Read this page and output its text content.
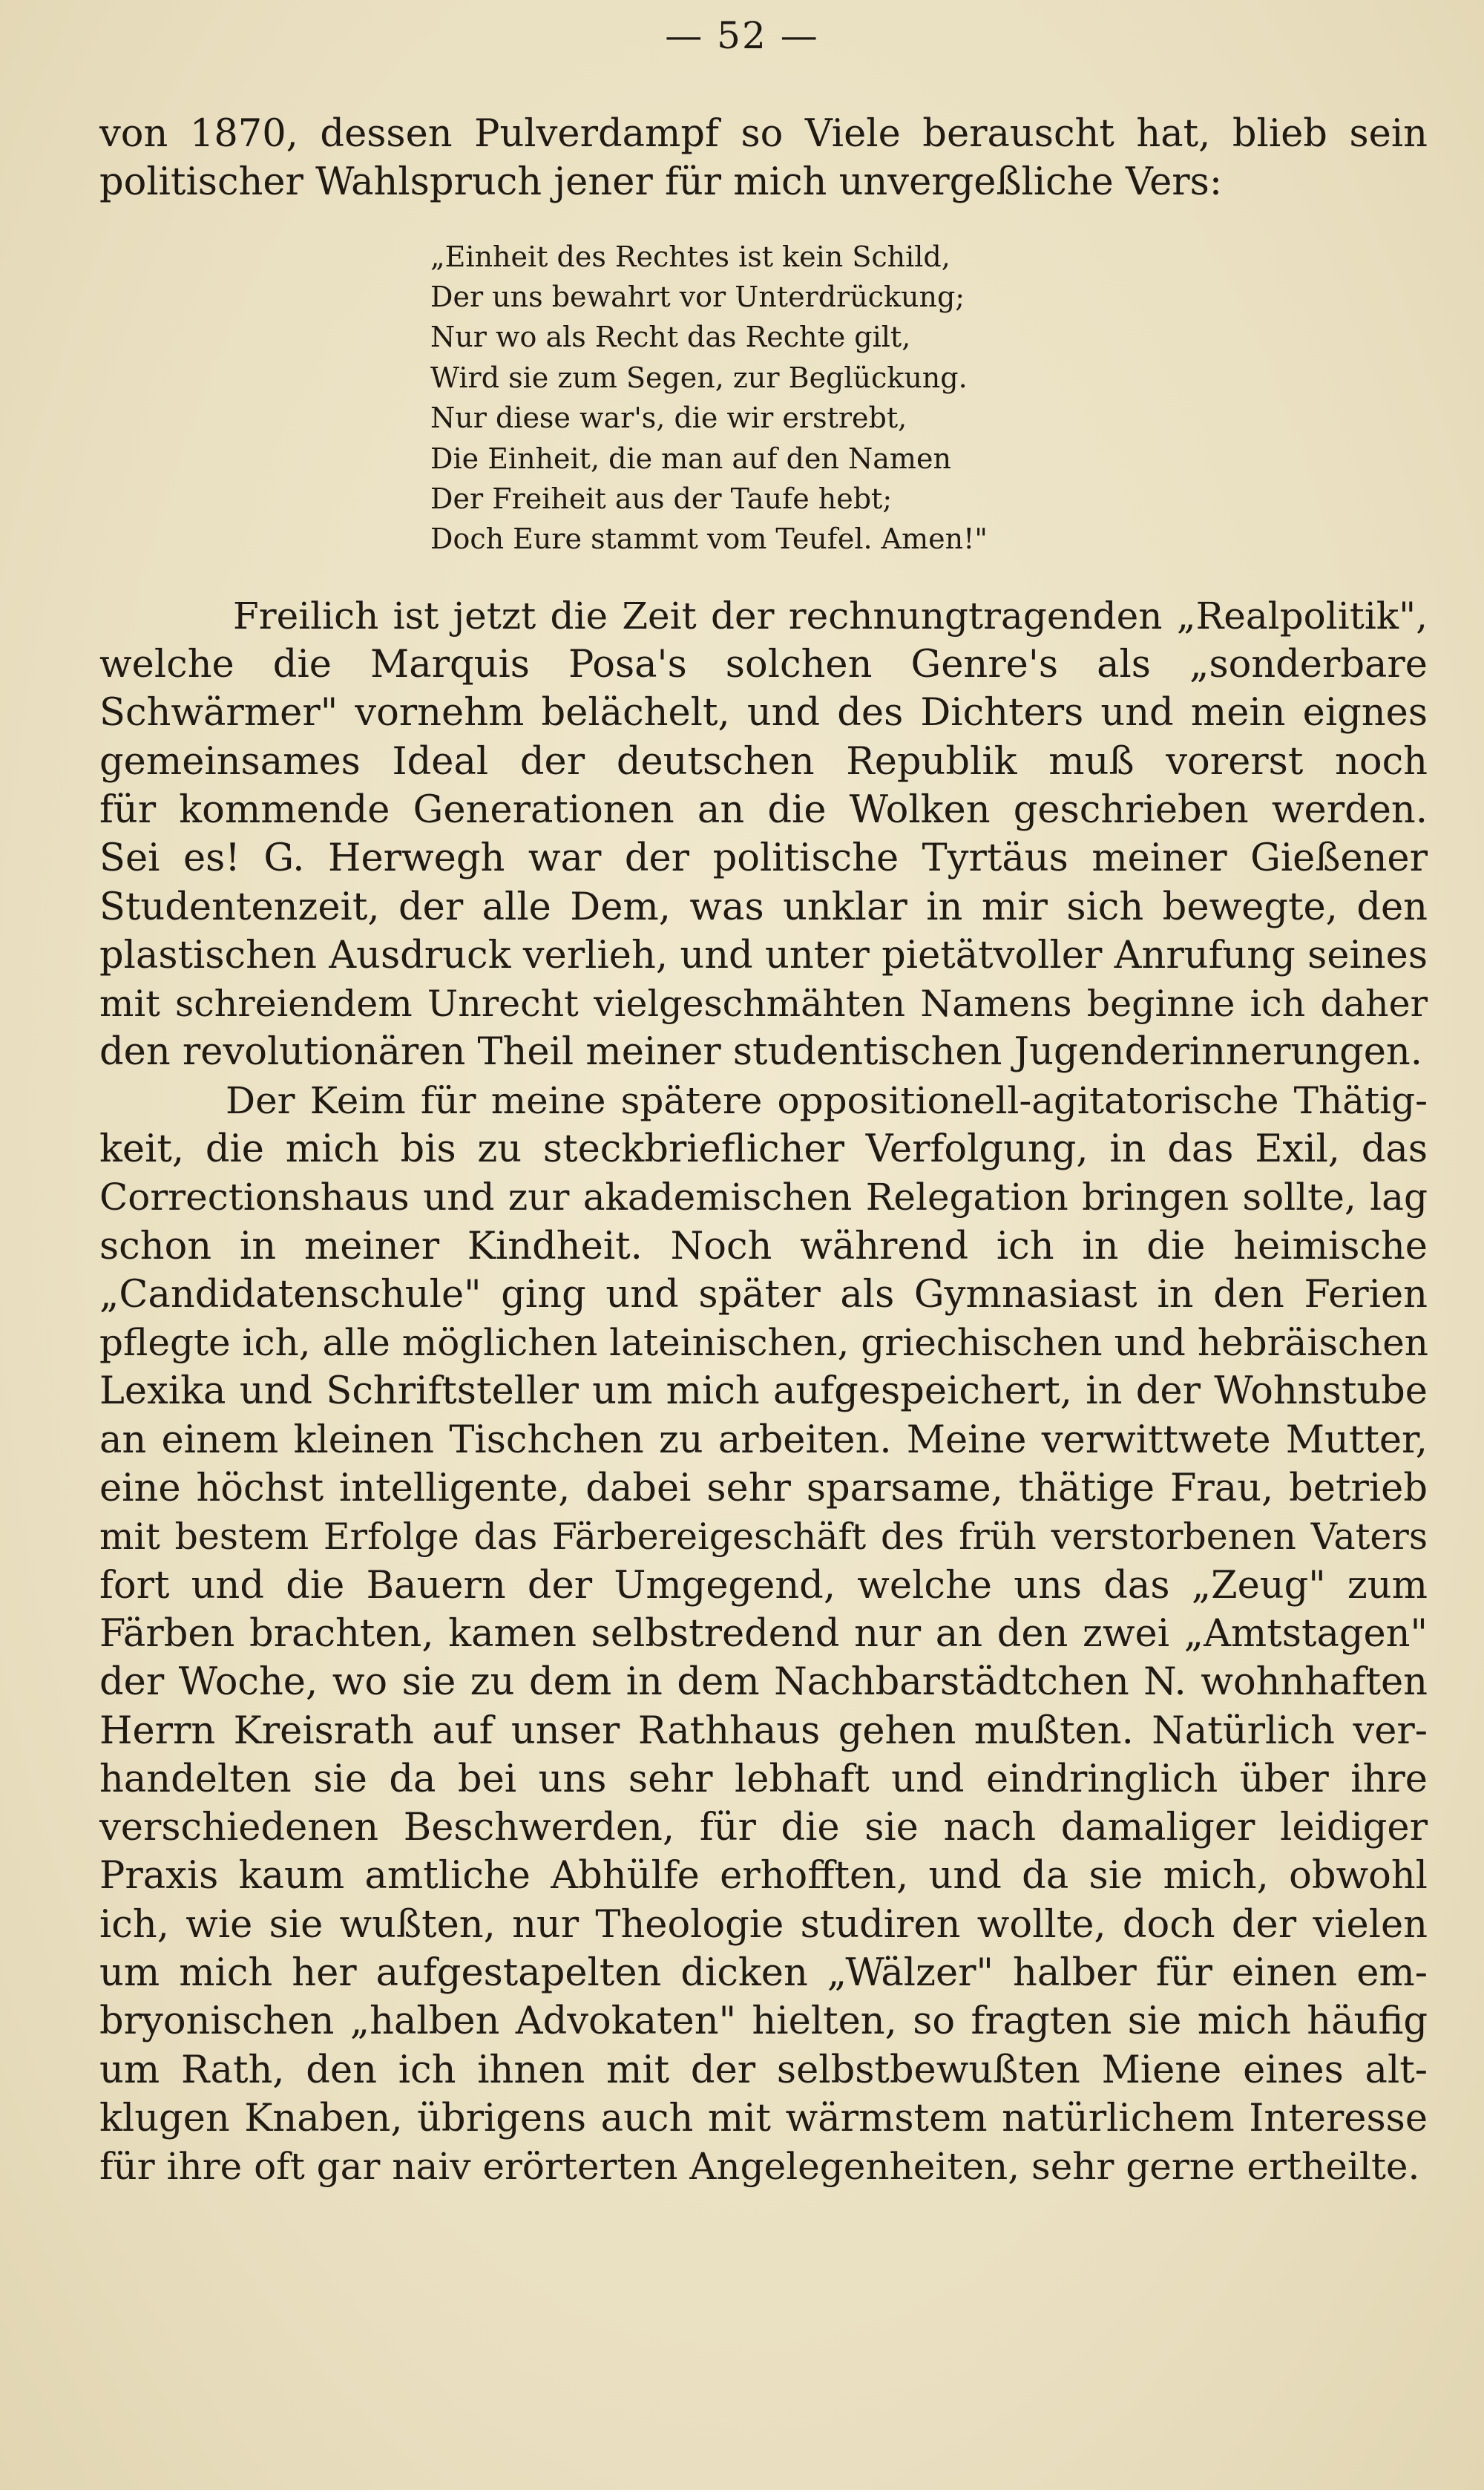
— 52 —
von 1870, dessen Pulverdampf so Viele berauscht hat, blieb sein
politischer Wahlspruch jener für mich unvergeßliche Vers:
„Einheit des Rechtes ist kein Schild,
Der uns bewahrt vor Unterdrückung;
Nur wo als Recht das Rechte gilt,
Wird sie zum Segen, zur Beglückung.
Nur diese war's, die wir erstrebt,
Die Einheit, die man auf den Namen
Der Freiheit aus der Taufe hebt;
Doch Eure stammt vom Teufel. Amen!"
Freilich ist jetzt die Zeit der rechnungtragenden „Realpolitik",
welche die Marquis Posa's solchen Genre's als „sonderbare
Schwärmer" vornehm belächelt, und des Dichters und mein eignes
gemeinsames Ideal der deutschen Republik muß vorerst noch
für kommende Generationen an die Wolken geschrieben werden.
Sei es! G. Herwegh war der politische Tyrtäus meiner Gießener
Studentenzeit, der alle Dem, was unklar in mir sich bewegte, den
plastischen Ausdruck verlieh, und unter pietätvoller Anrufung seines
mit schreiendem Unrecht vielgeschmähten Namens beginne ich daher
den revolutionären Theil meiner studentischen Jugenderinnerungen.
Der Keim für meine spätere oppositionell-agitatorische Thätig-
keit, die mich bis zu steckbrieflicher Verfolgung, in das Exil, das
Correctionshaus und zur akademischen Relegation bringen sollte, lag
schon in meiner Kindheit. Noch während ich in die heimische
„Candidatenschule" ging und später als Gymnasiast in den Ferien
pflegte ich, alle möglichen lateinischen, griechischen und hebräischen
Lexika und Schriftsteller um mich aufgespeichert, in der Wohnstube
an einem kleinen Tischchen zu arbeiten. Meine verwittwete Mutter,
eine höchst intelligente, dabei sehr sparsame, thätige Frau, betrieb
mit bestem Erfolge das Färbereigeschäft des früh verstorbenen Vaters
fort und die Bauern der Umgegend, welche uns das „Zeug" zum
Färben brachten, kamen selbstredend nur an den zwei „Amtstagen"
der Woche, wo sie zu dem in dem Nachbarstädtchen N. wohnhaften
Herrn Kreisrath auf unser Rathhaus gehen mußten. Natürlich ver-
handelten sie da bei uns sehr lebhaft und eindringlich über ihre
verschiedenen Beschwerden, für die sie nach damaliger leidiger
Praxis kaum amtliche Abhülfe erhofften, und da sie mich, obwohl
ich, wie sie wußten, nur Theologie studiren wollte, doch der vielen
um mich her aufgestapelten dicken „Wälzer" halber für einen em-
bryonischen „halben Advokaten" hielten, so fragten sie mich häufig
um Rath, den ich ihnen mit der selbstbewußten Miene eines alt-
klugen Knaben, übrigens auch mit wärmstem natürlichem Interesse
für ihre oft gar naiv erörterten Angelegenheiten, sehr gerne ertheilte.
